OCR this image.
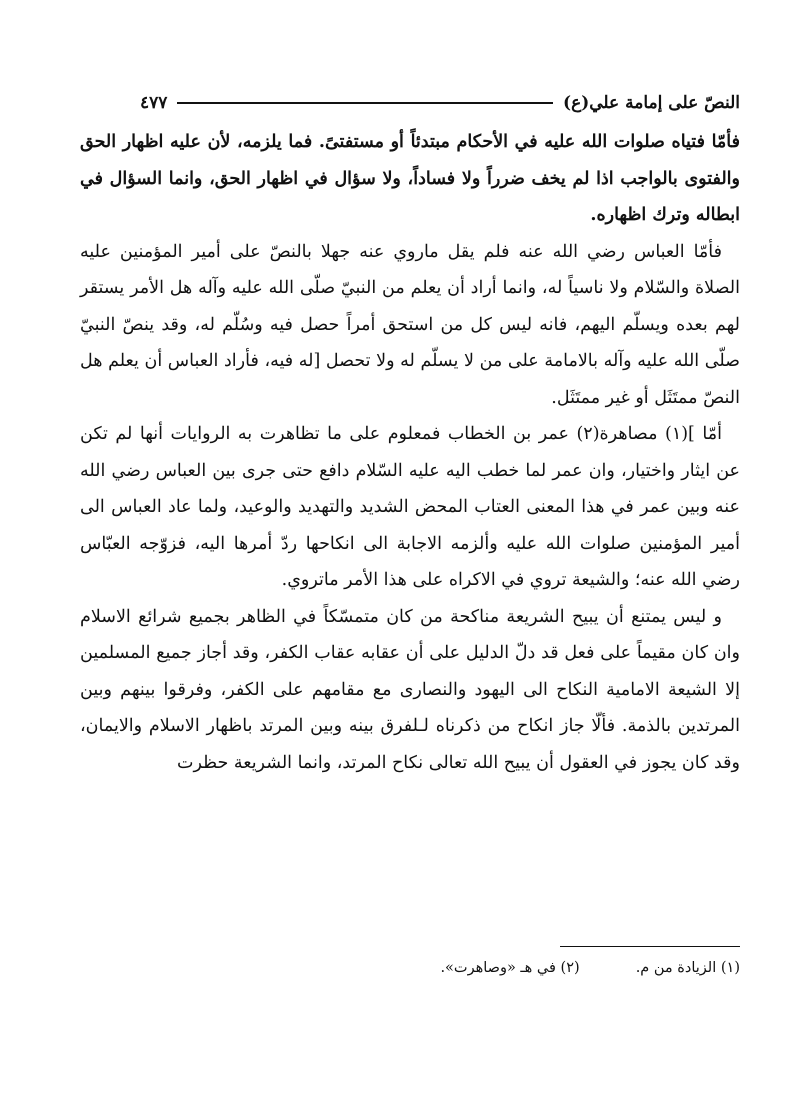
النصّ على إمامة علي(ع)
٤٧٧

فأمّا فتياه صلوات الله عليه في الأحكام مبتدئاً أو مستفتىً. فما يلزمه، لأن عليه اظهار الحق والفتوى بالواجب اذا لم يخف ضرراً ولا فساداً، ولا سؤال في اظهار الحق، وانما السؤال في ابطاله وترك اظهاره.

فأمّا العباس رضي الله عنه فلم يقل ماروي عنه جهلا بالنصّ على أمير المؤمنين عليه الصلاة والسّلام ولا ناسياً له، وانما أراد أن يعلم من النبيّ صلّى الله عليه وآله هل الأمر يستقر لهم بعده ويسلّم اليهم، فانه ليس كل من استحق أمراً حصل فيه وسُلّم له، وقد ينصّ النبيّ صلّى الله عليه وآله بالامامة على من لا يسلّم له ولا تحصل [له فيه، فأراد العباس أن يعلم هل النصّ ممتَثَل أو غير ممتَثَل.

أمّا ](١) مصاهرة(٢) عمر بن الخطاب فمعلوم على ما تظاهرت به الروايات أنها لم تكن عن ايثار واختيار، وان عمر لما خطب اليه عليه السّلام دافع حتى جرى بين العباس رضي الله عنه وبين عمر في هذا المعنى العتاب المحض الشديد والتهديد والوعيد، ولما عاد العباس الى أمير المؤمنين صلوات الله عليه وألزمه الاجابة الى انكاحها ردّ أمرها اليه، فزوّجه العبّاس رضي الله عنه؛ والشيعة تروي في الاكراه على هذا الأمر ماتروي.

و ليس يمتنع أن يبيح الشريعة مناكحة من كان متمسّكاً في الظاهر بجميع شرائع الاسلام وان كان مقيماً على فعل قد دلّ الدليل على أن عقابه عقاب الكفر، وقد أجاز جميع المسلمين إلا الشيعة الامامية النكاح الى اليهود والنصارى مع مقامهم على الكفر، وفرقوا بينهم وبين المرتدين بالذمة. فألّا جاز انكاح من ذكرناه لـلفرق بينه وبين المرتد باظهار الاسلام والايمان، وقد كان يجوز في العقول أن يبيح الله تعالى نكاح المرتد، وانما الشريعة حظرت

(١) الزيادة من م.
(٢) في هـ «وصاهرت».
